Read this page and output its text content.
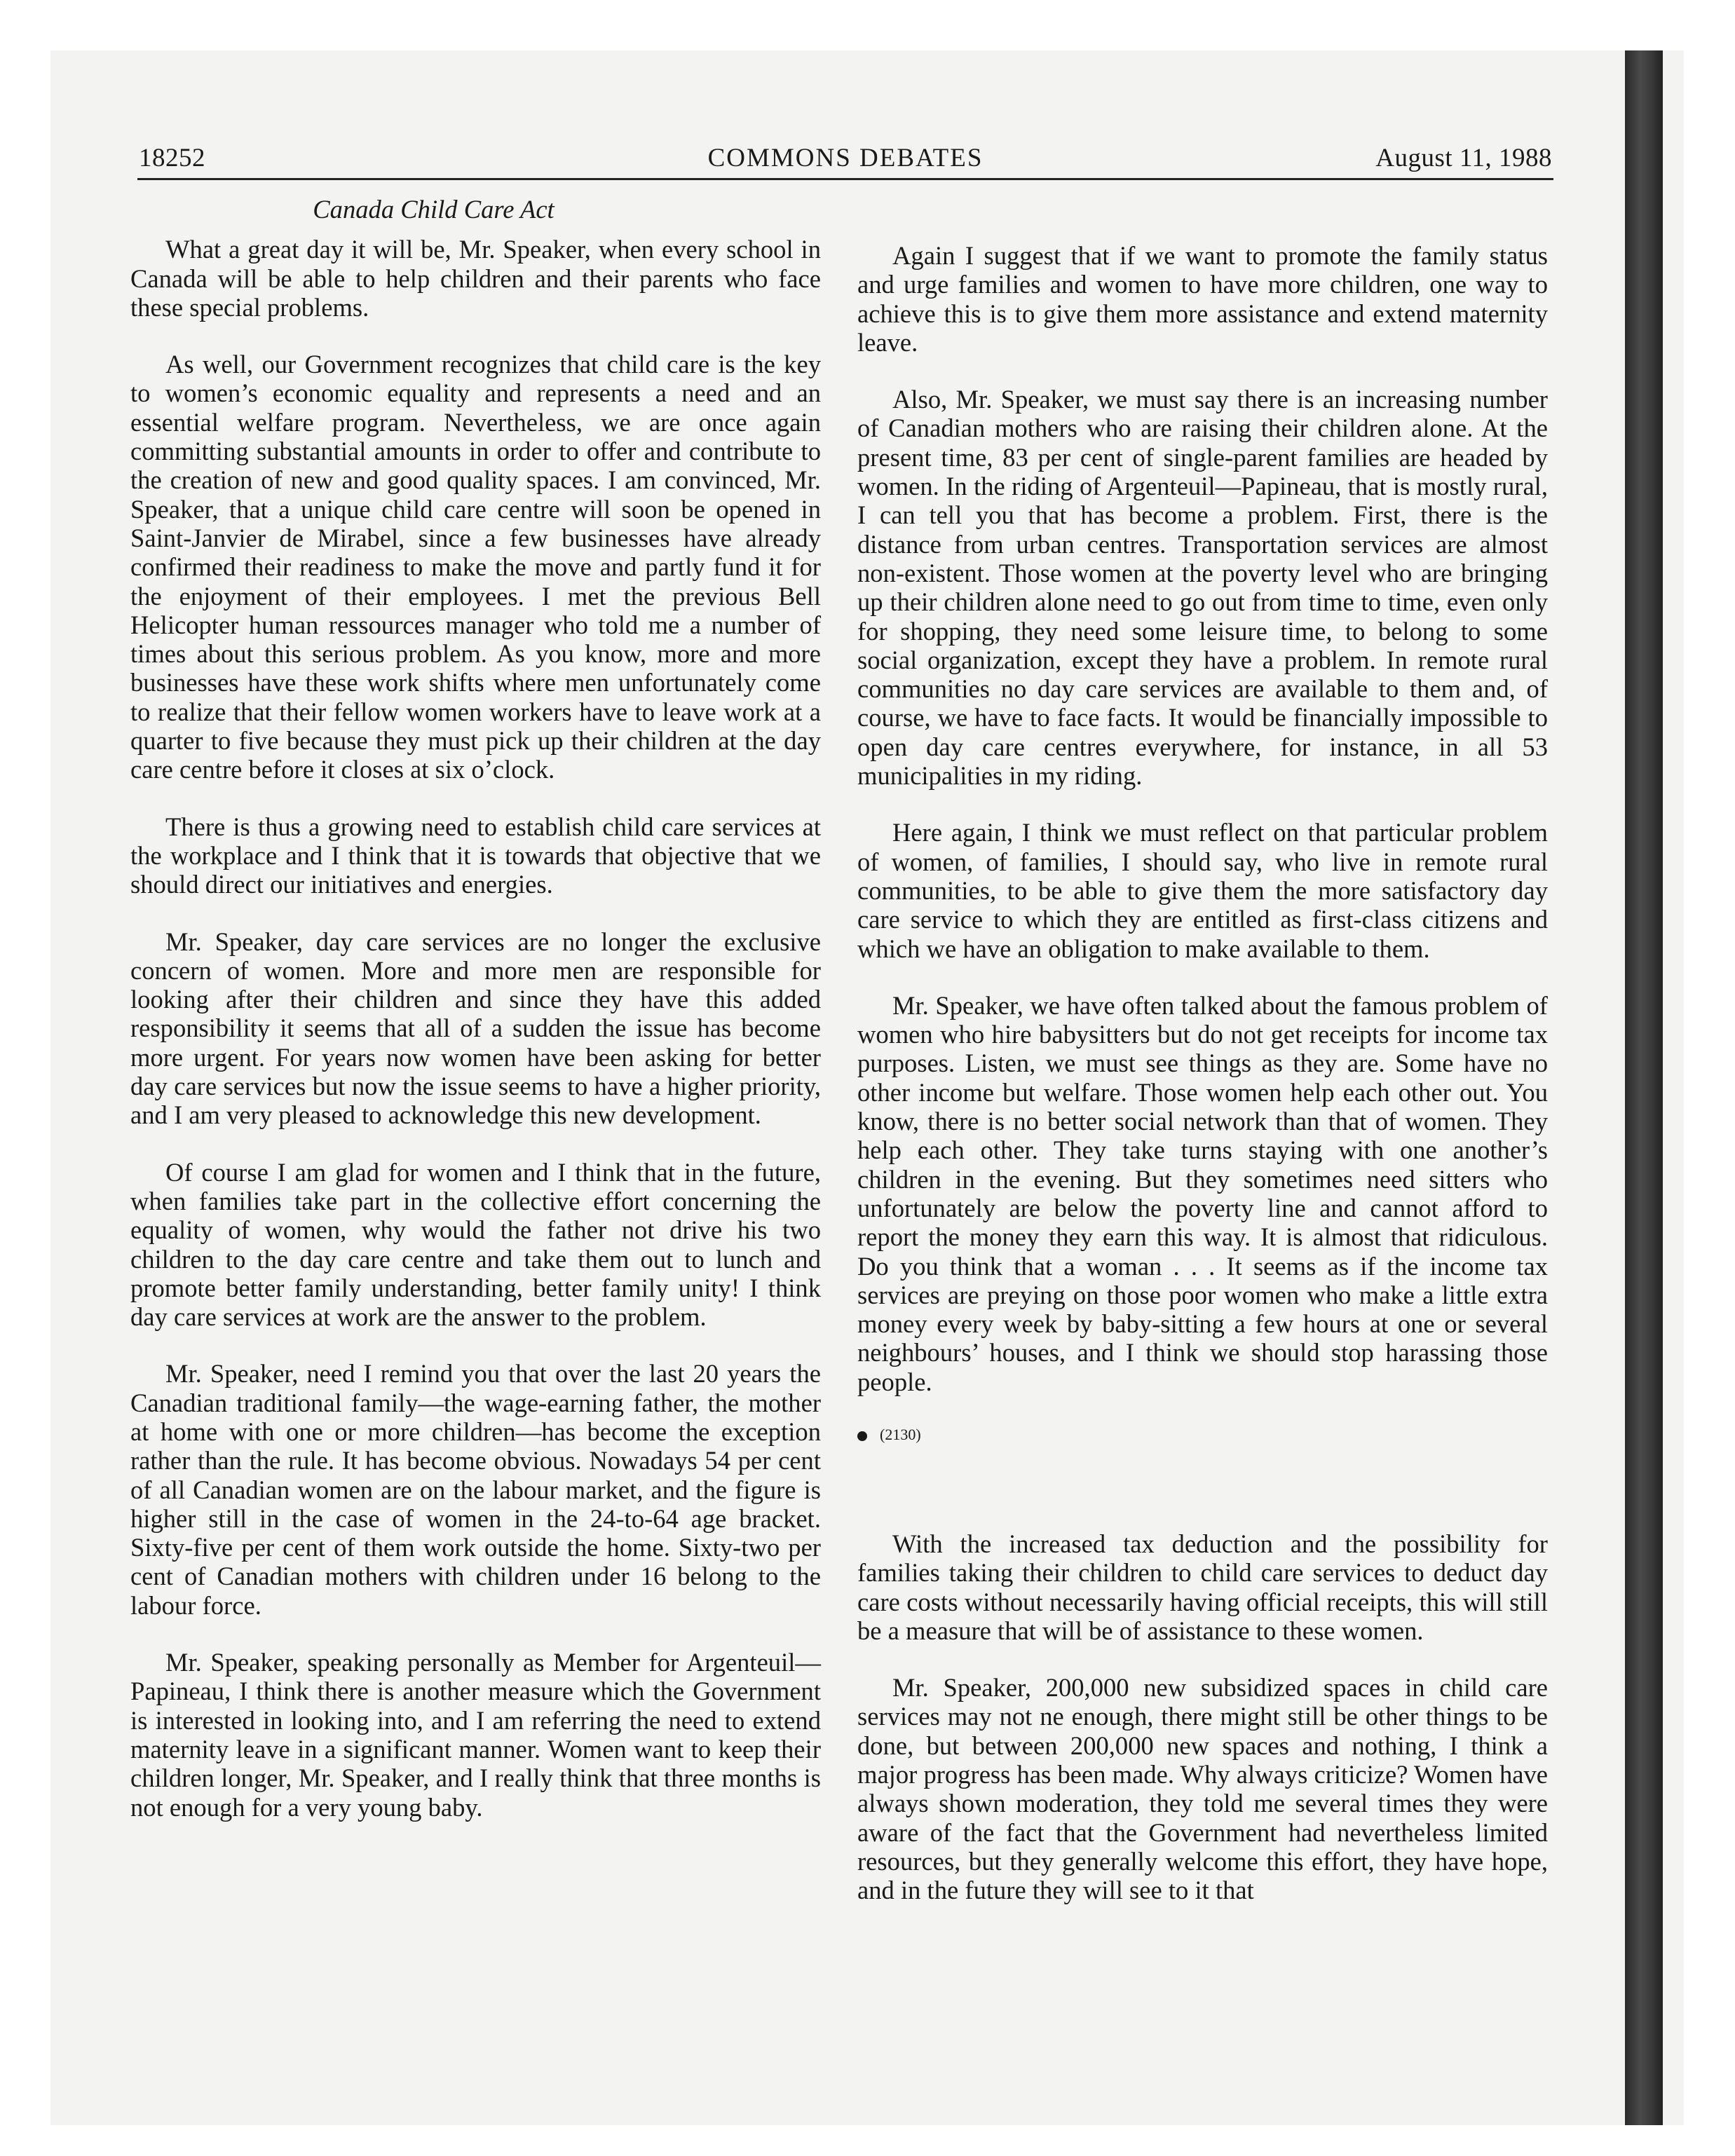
18252	COMMONS DEBATES	August 11, 1988
Canada Child Care Act

What a great day it will be, Mr. Speaker, when every school in Canada will be able to help children and their parents who face these special problems.

As well, our Government recognizes that child care is the key to women’s economic equality and represents a need and an essential welfare program. Nevertheless, we are once again committing substantial amounts in order to offer and contribute to the creation of new and good quality spaces. I am convinced, Mr. Speaker, that a unique child care centre will soon be opened in Saint-Janvier de Mirabel, since a few businesses have already confirmed their readiness to make the move and partly fund it for the enjoyment of their employees. I met the previous Bell Helicopter human ressources manager who told me a number of times about this serious problem. As you know, more and more businesses have these work shifts where men unfortunately come to realize that their fellow women workers have to leave work at a quarter to five because they must pick up their children at the day care centre before it closes at six o’clock.

There is thus a growing need to establish child care services at the workplace and I think that it is towards that objective that we should direct our initiatives and energies.

Mr. Speaker, day care services are no longer the exclusive concern of women. More and more men are responsible for looking after their children and since they have this added responsibility it seems that all of a sudden the issue has become more urgent. For years now women have been asking for better day care services but now the issue seems to have a higher priority, and I am very pleased to acknowledge this new development.

Of course I am glad for women and I think that in the future, when families take part in the collective effort concerning the equality of women, why would the father not drive his two children to the day care centre and take them out to lunch and promote better family understanding, better family unity! I think day care services at work are the answer to the problem.

Mr. Speaker, need I remind you that over the last 20 years the Canadian traditional family—the wage-earning father, the mother at home with one or more children—has become the exception rather than the rule. It has become obvious. Nowadays 54 per cent of all Canadian women are on the labour market, and the figure is higher still in the case of women in the 24-to-64 age bracket. Sixty-five per cent of them work outside the home. Sixty-two per cent of Canadian mothers with children under 16 belong to the labour force.

Mr. Speaker, speaking personally as Member for Argenteuil—Papineau, I think there is another measure which the Government is interested in looking into, and I am referring the need to extend maternity leave in a significant manner. Women want to keep their children longer, Mr. Speaker, and I really think that three months is not enough for a very young baby.

Again I suggest that if we want to promote the family status and urge families and women to have more children, one way to achieve this is to give them more assistance and extend maternity leave.

Also, Mr. Speaker, we must say there is an increasing number of Canadian mothers who are raising their children alone. At the present time, 83 per cent of single-parent families are headed by women. In the riding of Argenteuil—Papineau, that is mostly rural, I can tell you that has become a problem. First, there is the distance from urban centres. Transportation services are almost non-existent. Those women at the poverty level who are bringing up their children alone need to go out from time to time, even only for shopping, they need some leisure time, to belong to some social organization, except they have a problem. In remote rural communities no day care services are available to them and, of course, we have to face facts. It would be financially impossible to open day care centres everywhere, for instance, in all 53 municipalities in my riding.

Here again, I think we must reflect on that particular problem of women, of families, I should say, who live in remote rural communities, to be able to give them the more satisfactory day care service to which they are entitled as first-class citizens and which we have an obligation to make available to them.

Mr. Speaker, we have often talked about the famous problem of women who hire babysitters but do not get receipts for income tax purposes. Listen, we must see things as they are. Some have no other income but welfare. Those women help each other out. You know, there is no better social network than that of women. They help each other. They take turns staying with one another’s children in the evening. But they sometimes need sitters who unfortunately are below the poverty line and cannot afford to report the money they earn this way. It is almost that ridiculous. Do you think that a woman . . . It seems as if the income tax services are preying on those poor women who make a little extra money every week by baby-sitting a few hours at one or several neighbours’ houses, and I think we should stop harassing those people.

(2130)

With the increased tax deduction and the possibility for families taking their children to child care services to deduct day care costs without necessarily having official receipts, this will still be a measure that will be of assistance to these women.

Mr. Speaker, 200,000 new subsidized spaces in child care services may not ne enough, there might still be other things to be done, but between 200,000 new spaces and nothing, I think a major progress has been made. Why always criticize? Women have always shown moderation, they told me several times they were aware of the fact that the Government had nevertheless limited resources, but they generally welcome this effort, they have hope, and in the future they will see to it that
